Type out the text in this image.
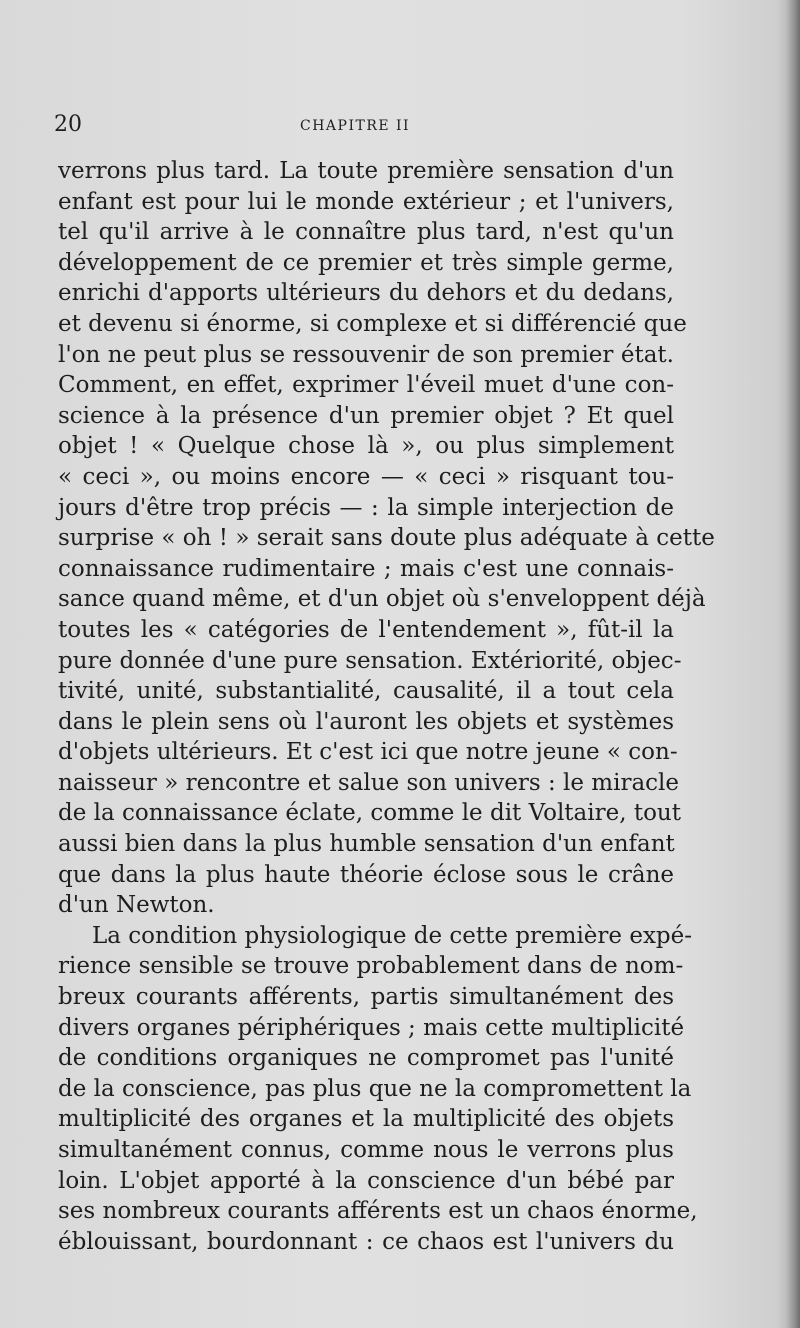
20	CHAPITRE II
verrons plus tard. La toute première sensation d'un
enfant est pour lui le monde extérieur ; et l'univers,
tel qu'il arrive à le connaître plus tard, n'est qu'un
développement de ce premier et très simple germe,
enrichi d'apports ultérieurs du dehors et du dedans,
et devenu si énorme, si complexe et si différencié que
l'on ne peut plus se ressouvenir de son premier état.
Comment, en effet, exprimer l'éveil muet d'une con-
science à la présence d'un premier objet ? Et quel
objet ! « Quelque chose là », ou plus simplement
« ceci », ou moins encore — « ceci » risquant tou-
jours d'être trop précis — : la simple interjection de
surprise « oh ! » serait sans doute plus adéquate à cette
connaissance rudimentaire ; mais c'est une connais-
sance quand même, et d'un objet où s'enveloppent déjà
toutes les « catégories de l'entendement », fût-il la
pure donnée d'une pure sensation. Extériorité, objec-
tivité, unité, substantialité, causalité, il a tout cela
dans le plein sens où l'auront les objets et systèmes
d'objets ultérieurs. Et c'est ici que notre jeune « con-
naisseur » rencontre et salue son univers : le miracle
de la connaissance éclate, comme le dit Voltaire, tout
aussi bien dans la plus humble sensation d'un enfant
que dans la plus haute théorie éclose sous le crâne
d'un Newton.
La condition physiologique de cette première expé-
rience sensible se trouve probablement dans de nom-
breux courants afférents, partis simultanément des
divers organes périphériques ; mais cette multiplicité
de conditions organiques ne compromet pas l'unité
de la conscience, pas plus que ne la compromettent la
multiplicité des organes et la multiplicité des objets
simultanément connus, comme nous le verrons plus
loin. L'objet apporté à la conscience d'un bébé par
ses nombreux courants afférents est un chaos énorme,
éblouissant, bourdonnant : ce chaos est l'univers du
